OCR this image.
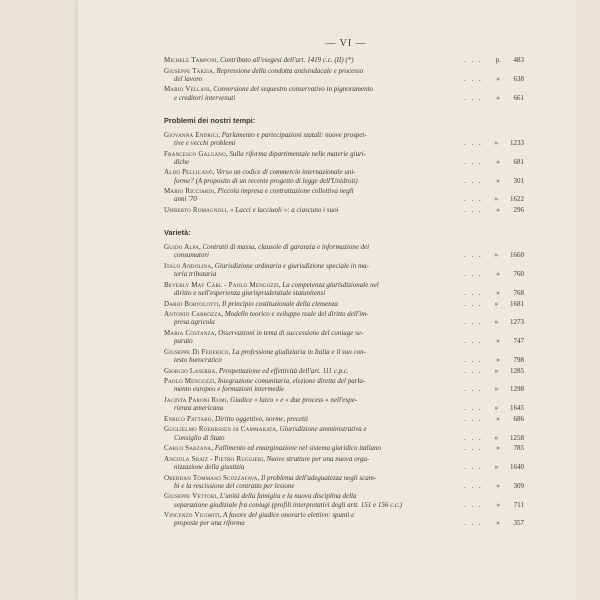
— VI —
Michele Tamponi, Contributo all'esegesi dell'art. 1419 c.c. (II) (*)	. . . p. 483
Giuseppe Tarzia, Repressione della condotta antisindacale e processo
del lavoro	. . . » 638
Mario Vellani, Conversione del sequestro conservativo in pignoramento
e creditori intervenuti	. . . » 661
Problemi dei nostri tempi:
Giovanna Endrici, Parlamento e partecipazioni statali: nuove prospet-
tive e vecchi problemi	. . . » 1233
Francesco Galgano, Sulla riforma dipartimentale nelle materie giuri-
diche	. . . » 681
Aldo Pellicanò, Verso un codice di commercio internazionale uni-
forme? (A proposito di un recente progetto di legge dell'Unidroit)	. . . » 301
Mario Ricciardi, Piccola impresa e contrattazione collettiva negli
anni '70	. . . » 1622
Umberto Romagnoli, « Lacci e lacciuoli »: a ciascuno i suoi	. . . » 296
Varietà:
Guido Alpa, Contratti di massa, clausole di garanzia e informazione dei
consumatori	. . . » 1660
Italo Andolina, Giurisdizione ordinaria e giurisdizione speciale in ma-
teria tributaria	. . . » 760
Beverly May Carl - Paolo Mengozzi, La competenza giurisdizionale nel
diritto e nell'esperienza giurisprudenziale statunitensi	. . . » 768
Dario Bortolotti, Il principio costituzionale della clemenza	. . . » 1681
Antonio Carrozza, Modello teorico e sviluppo reale del diritto dell'im-
presa agricola	. . . » 1273
Maria Costanza, Osservazioni in tema di successione del coniuge se-
parato	. . . » 747
Giuseppe Di Federico, La professione giudiziaria in Italia e il suo con-
testo burocratico	. . . » 798
Giorgio Laserra, Prospettazione ed effettività dell'art. 111 c.p.c.	. . . » 1285
Paolo Mengozzi, Integrazione comunitaria, elezione diretta del parla-
mento europeo e formazioni intermedie	. . . » 1298
Jacinta Paroni Rumi, Giudice « laico » e « due process » nell'espe-
rienza americana	. . . » 1645
Enrico Pattaro, Diritto oggettivo, norme, precetti	. . . » 686
Guglielmo Roehrssen di Cammarata, Giurisdizione amministrativa e
Consiglio di Stato	. . . » 1258
Carlo Sarzana, Fallimento ed emarginazione nel sistema giuridico italiano	. . . » 785
Angiola Sbaiz - Pietro Ruggieri, Nuove strutture per una nuova orga-
nizzazione della giustizia	. . . » 1640
Oberdan Tommaso Scozzafava, Il problema dell'adeguatezza negli scam-
bi e la rescissione del contratto per lesione	. . . » 309
Giuseppe Vettori, L'unità della famiglia e la nuova disciplina della
separazione giudiziale fra coniugi (profili interpretativi degli artt. 151 e 156 c.c.)	. . . » 711
Vincenzo Vigoriti, A favore del giudice onorario elettivo: spunti e
proposte per una riforma	. . . » 357
